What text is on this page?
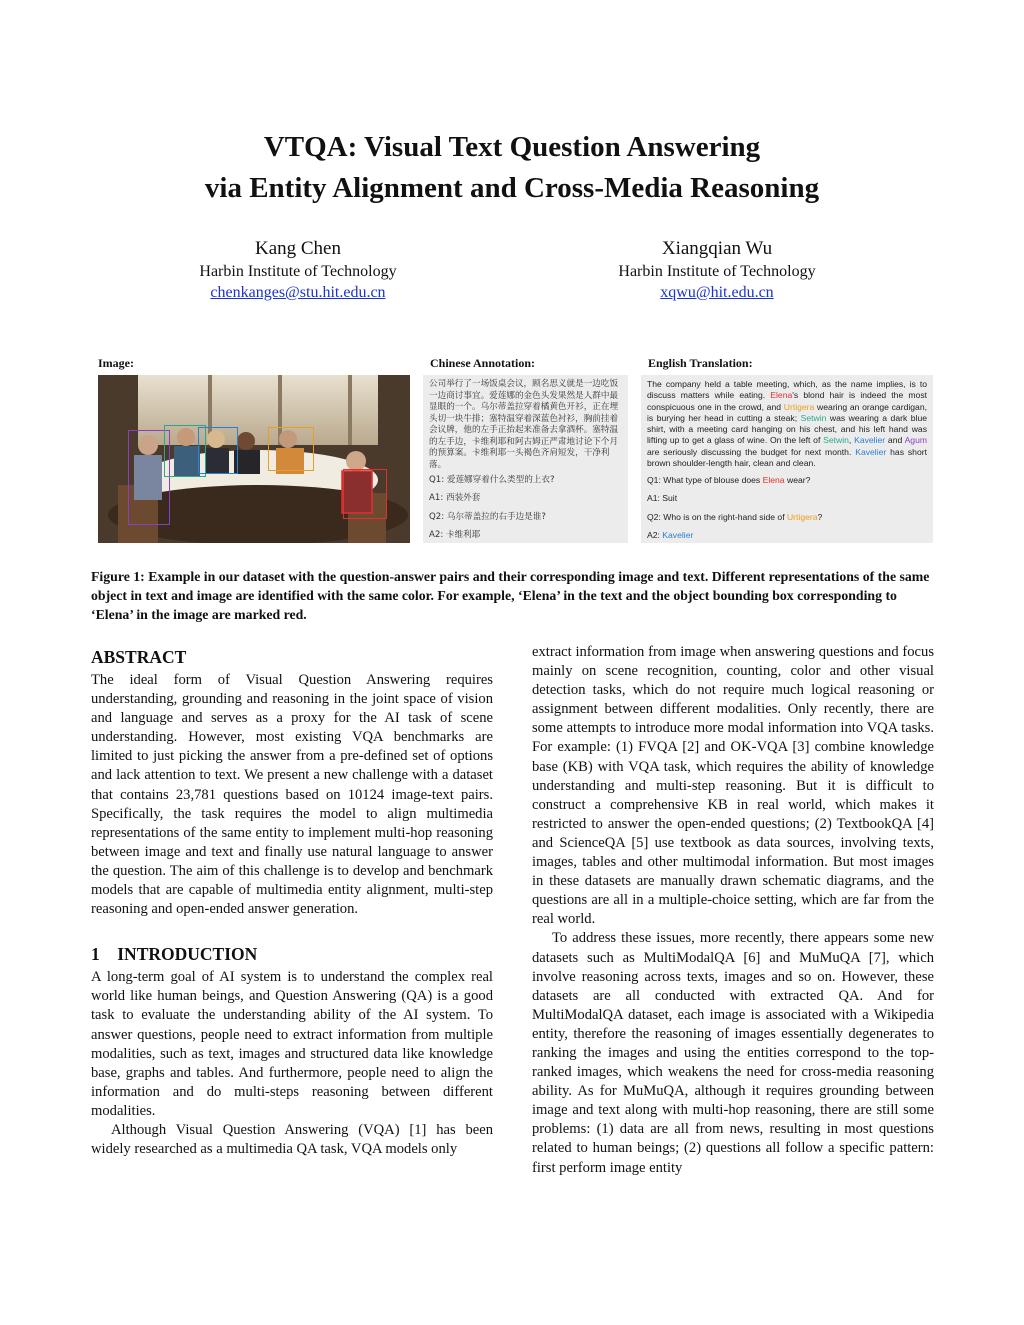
VTQA: Visual Text Question Answering
via Entity Alignment and Cross-Media Reasoning
Kang Chen
Harbin Institute of Technology
chenkanges@stu.hit.edu.cn
Xiangqian Wu
Harbin Institute of Technology
xqwu@hit.edu.cn
Image:	Chinese Annotation:	English Translation:
公司举行了一场饭桌会议，顾名思义就是一边吃饭一边商讨事宜。爱莲娜的金色头发果然是人群中最显眼的一个。乌尔蒂盖拉穿着橘黄色开衫，正在埋头切一块牛排；塞特温穿着深蓝色衬衫，胸前挂着会议牌，他的左手正抬起来准备去拿酒杯。塞特温的左手边，卡维利耶和阿古姆正严肃地讨论下个月的预算案。卡维利耶一头褐色齐肩短发，干净利落。
Q1: 爱莲娜穿着什么类型的上衣?
A1: 西装外套
Q2: 乌尔蒂盖拉的右手边是谁?
A2: 卡维利耶
The company held a table meeting, which, as the name implies, is to discuss matters while eating. Elena's blond hair is indeed the most conspicuous one in the crowd, and Urtigera wearing an orange cardigan, is burying her head in cutting a steak; Setwin was wearing a dark blue shirt, with a meeting card hanging on his chest, and his left hand was lifting up to get a glass of wine. On the left of Setwin, Kavelier and Agum are seriously discussing the budget for next month. Kavelier has short brown shoulder-length hair, clean and clean.
Q1: What type of blouse does Elena wear?
A1: Suit
Q2: Who is on the right-hand side of Urtigera?
A2: Kavelier
Figure 1: Example in our dataset with the question-answer pairs and their corresponding image and text. Different representations of the same object in text and image are identified with the same color. For example, ‘Elena’ in the text and the object bounding box corresponding to ‘Elena’ in the image are marked red.
ABSTRACT

The ideal form of Visual Question Answering requires understanding, grounding and reasoning in the joint space of vision and language and serves as a proxy for the AI task of scene understanding. However, most existing VQA benchmarks are limited to just picking the answer from a pre-defined set of options and lack attention to text. We present a new challenge with a dataset that contains 23,781 questions based on 10124 image-text pairs. Specifically, the task requires the model to align multimedia representations of the same entity to implement multi-hop reasoning between image and text and finally use natural language to answer the question. The aim of this challenge is to develop and benchmark models that are capable of multimedia entity alignment, multi-step reasoning and open-ended answer generation.

1    INTRODUCTION

A long-term goal of AI system is to understand the complex real world like human beings, and Question Answering (QA) is a good task to evaluate the understanding ability of the AI system. To answer questions, people need to extract information from multiple modalities, such as text, images and structured data like knowledge base, graphs and tables. And furthermore, people need to align the information and do multi-steps reasoning between different modalities.

Although Visual Question Answering (VQA) [1] has been widely researched as a multimedia QA task, VQA models only

extract information from image when answering questions and focus mainly on scene recognition, counting, color and other visual detection tasks, which do not require much logical reasoning or assignment between different modalities. Only recently, there are some attempts to introduce more modal information into VQA tasks. For example: (1) FVQA [2] and OK-VQA [3] combine knowledge base (KB) with VQA task, which requires the ability of knowledge understanding and multi-step reasoning. But it is difficult to construct a comprehensive KB in real world, which makes it restricted to answer the open-ended questions; (2) TextbookQA [4] and ScienceQA [5] use textbook as data sources, involving texts, images, tables and other multimodal information. But most images in these datasets are manually drawn schematic diagrams, and the questions are all in a multiple-choice setting, which are far from the real world.

To address these issues, more recently, there appears some new datasets such as MultiModalQA [6] and MuMuQA [7], which involve reasoning across texts, images and so on. However, these datasets are all conducted with extracted QA. And for MultiModalQA dataset, each image is associated with a Wikipedia entity, therefore the reasoning of images essentially degenerates to ranking the images and using the entities correspond to the top-ranked images, which weakens the need for cross-media reasoning ability. As for MuMuQA, although it requires grounding between image and text along with multi-hop reasoning, there are still some problems: (1) data are all from news, resulting in most questions related to human beings; (2) questions all follow a specific pattern: first perform image entity
